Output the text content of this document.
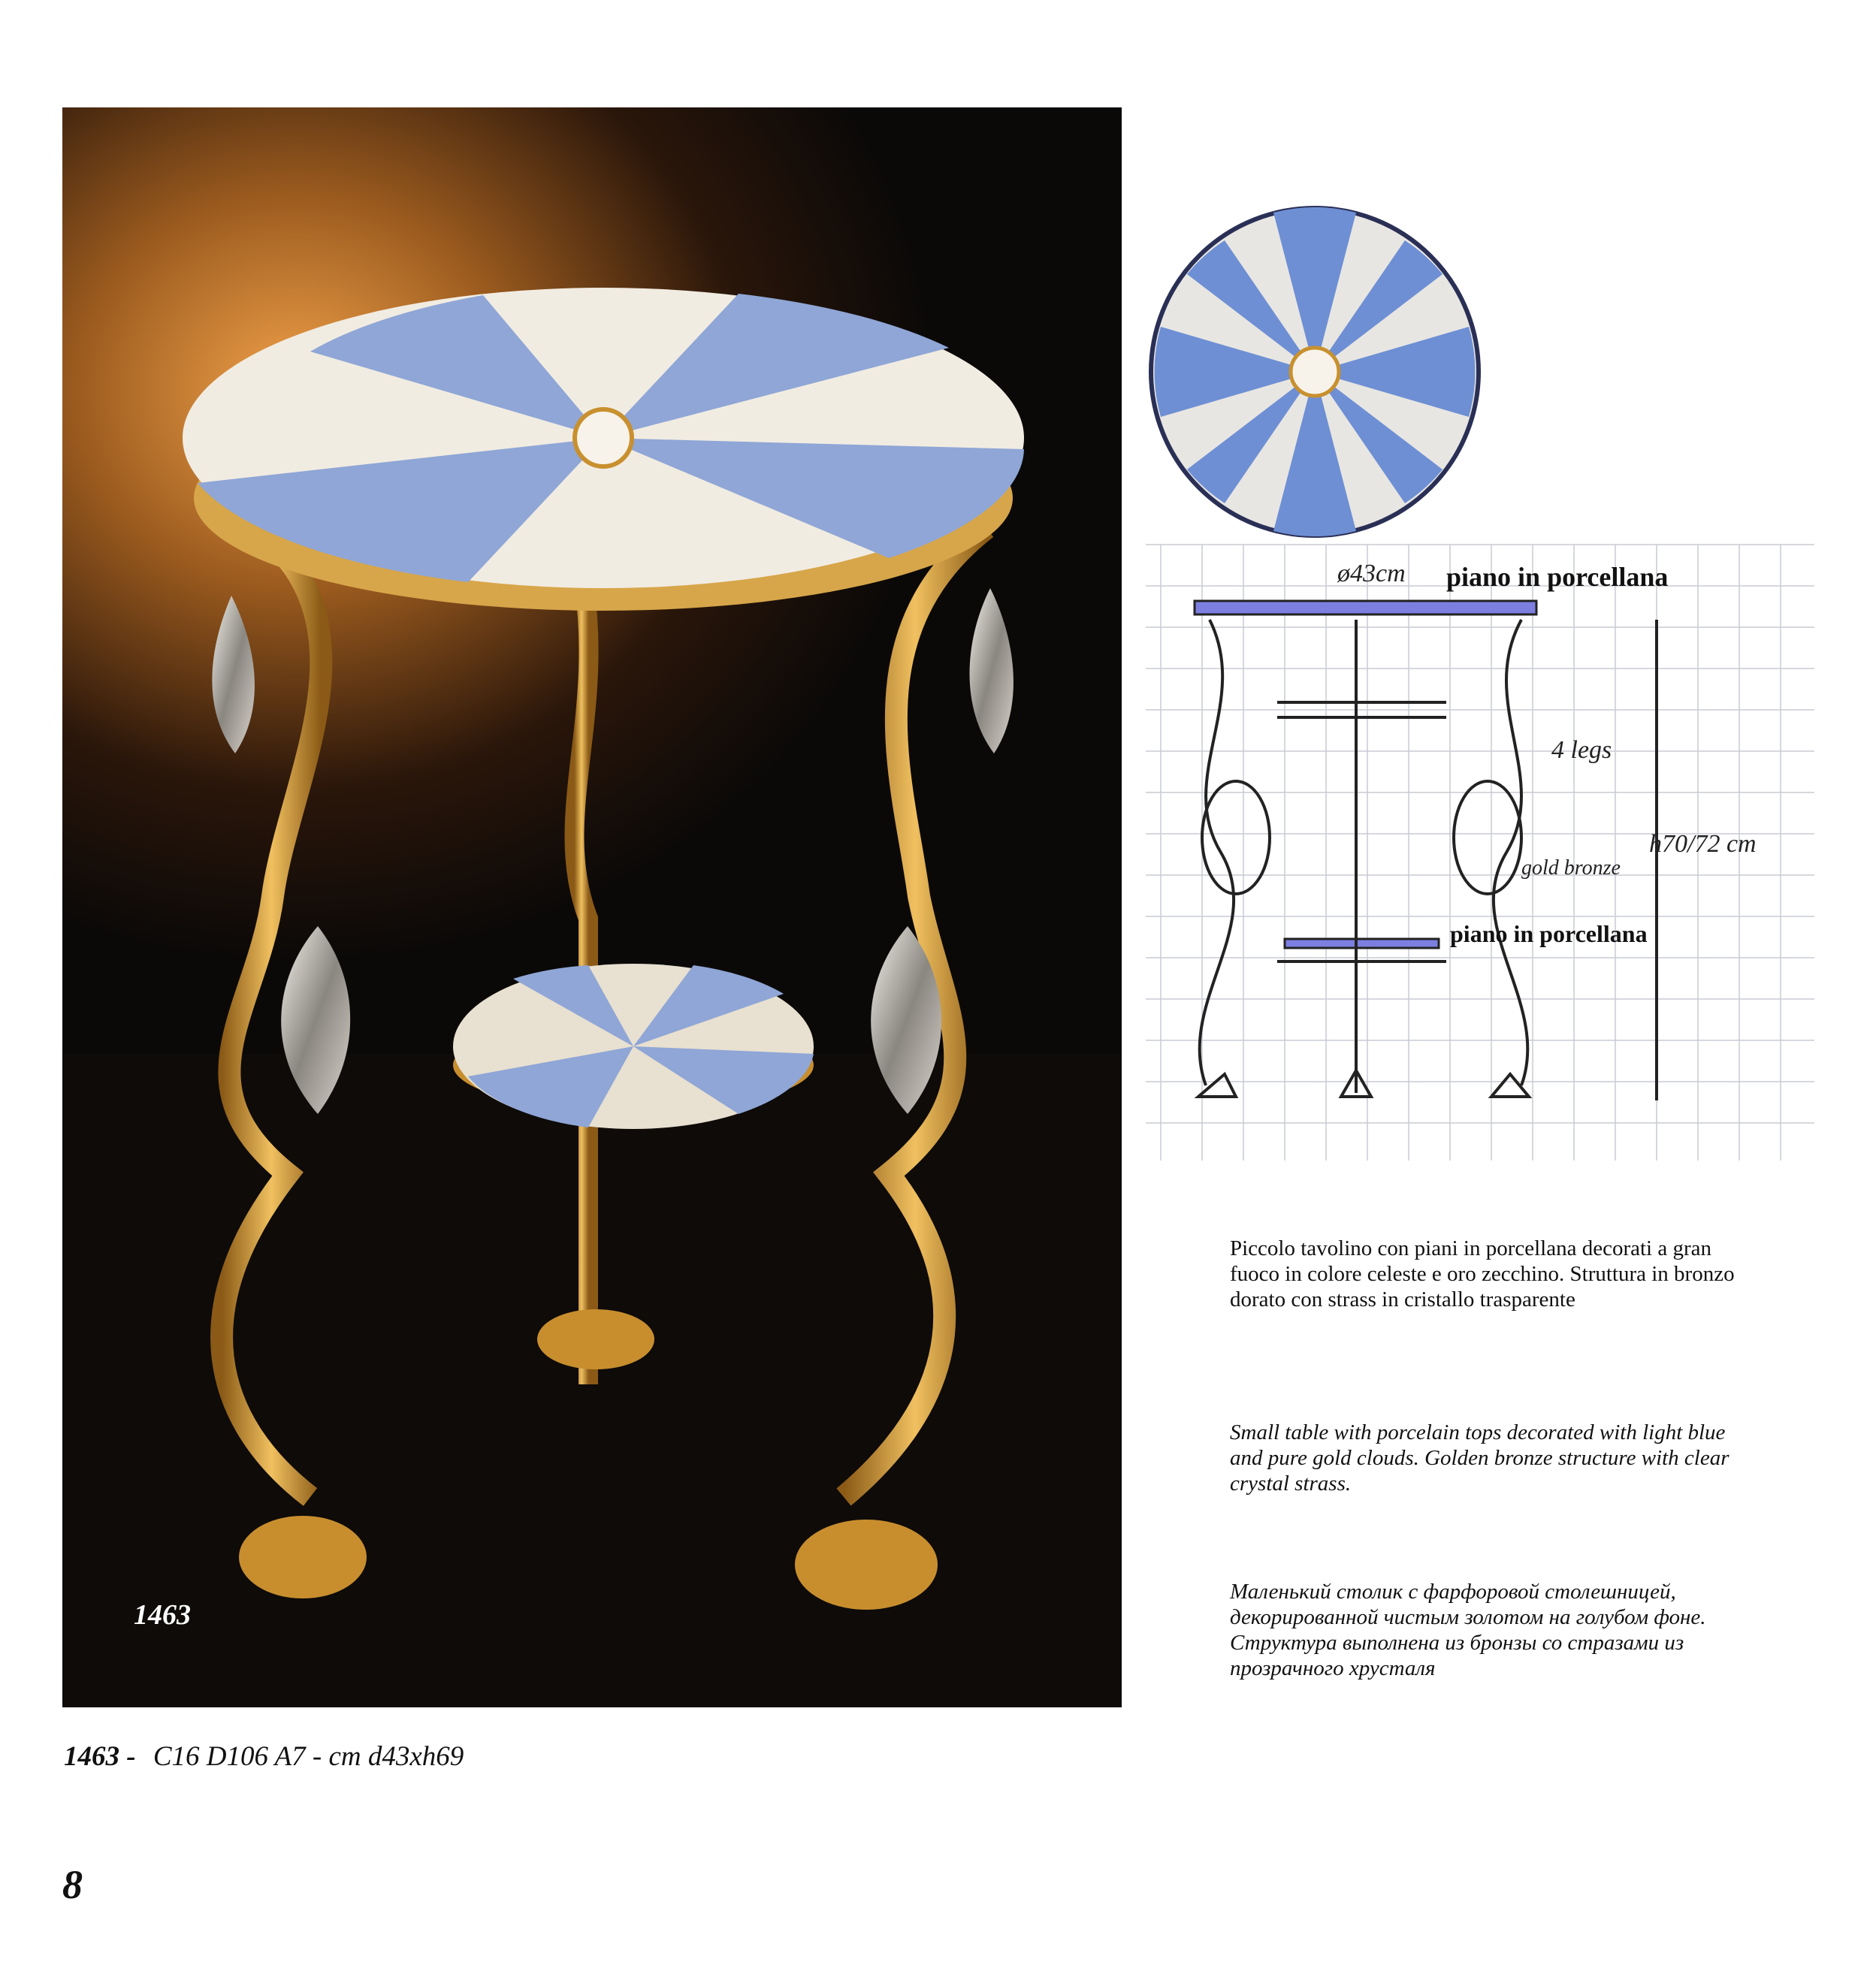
1463
ø43cm piano in porcellana
4 legs
h70/72 cm
gold bronze
piano in porcellana
Piccolo tavolino con piani in porcellana decorati a gran fuoco in colore celeste e oro zecchino. Struttura in bronzo dorato con strass in cristallo trasparente
Small table with porcelain tops decorated with light blue and pure gold clouds. Golden bronze structure with clear crystal strass.
Маленький столик с фарфоровой столешницей, декорированной чистым золотом на голубом фоне. Структура выполнена из бронзы со стразами из прозрачного хрусталя
1463 - C16 D106 A7 - cm d43xh69
8
